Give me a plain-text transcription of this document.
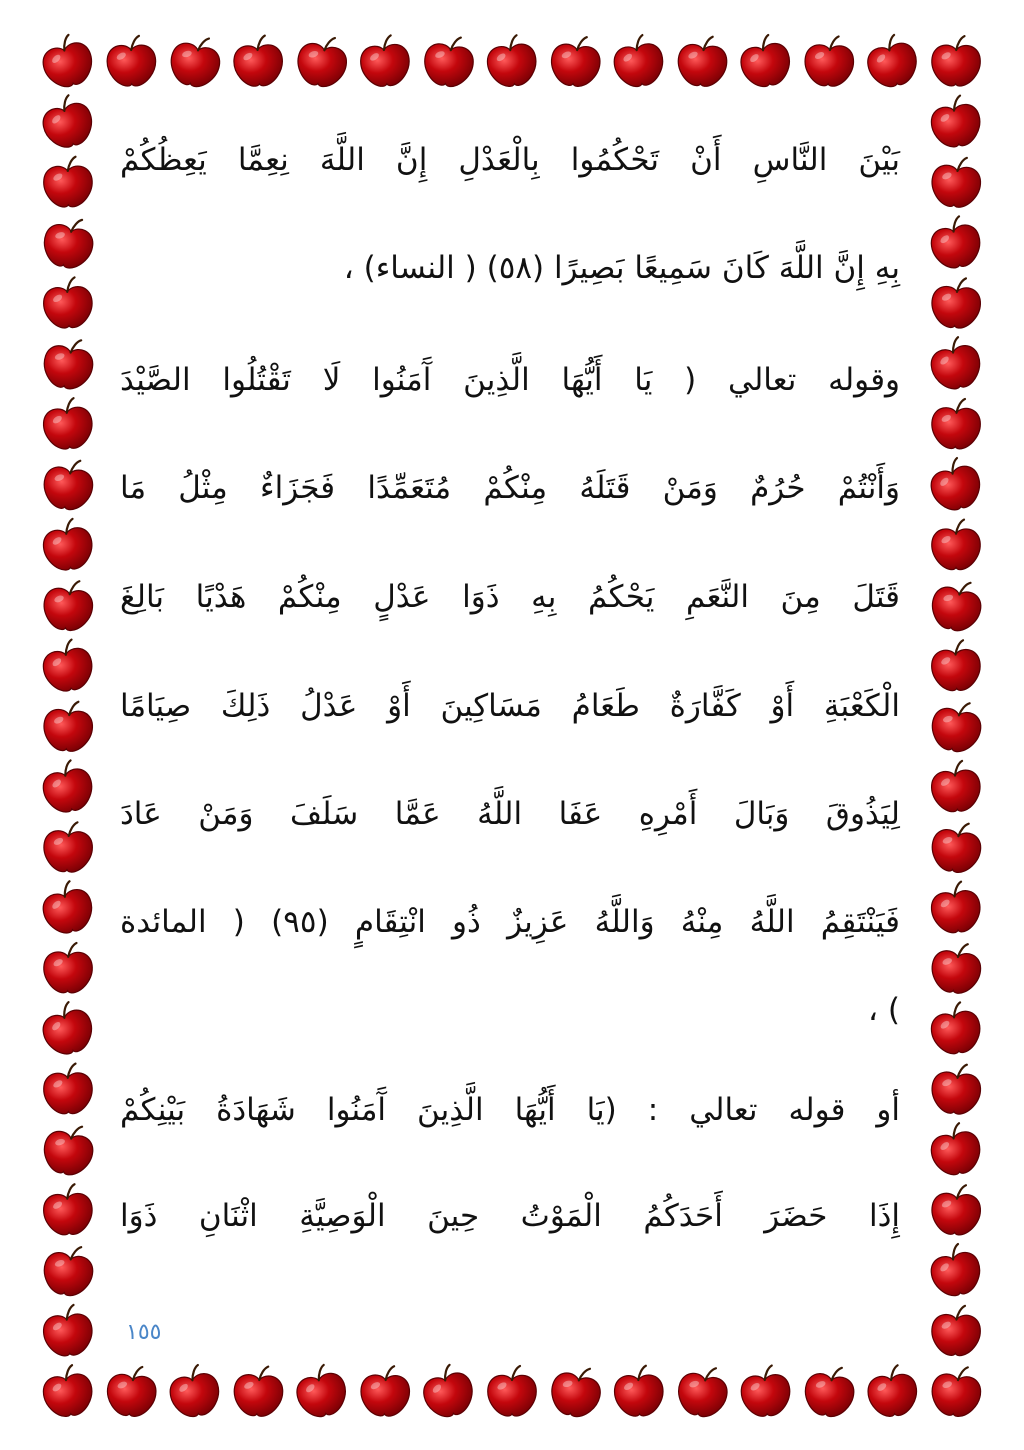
بَيْنَ النَّاسِ أَنْ تَحْكُمُوا بِالْعَدْلِ إِنَّ اللَّهَ نِعِمَّا يَعِظُكُمْ
بِهِ إِنَّ اللَّهَ كَانَ سَمِيعًا بَصِيرًا (٥٨) ( النساء) ،
وقوله تعالي ( يَا أَيُّهَا الَّذِينَ آَمَنُوا لَا تَقْتُلُوا الصَّيْدَ
وَأَنْتُمْ حُرُمٌ وَمَنْ قَتَلَهُ مِنْكُمْ مُتَعَمِّدًا فَجَزَاءٌ مِثْلُ مَا
قَتَلَ مِنَ النَّعَمِ يَحْكُمُ بِهِ ذَوَا عَدْلٍ مِنْكُمْ هَدْيًا بَالِغَ
الْكَعْبَةِ أَوْ كَفَّارَةٌ طَعَامُ مَسَاكِينَ أَوْ عَدْلُ ذَلِكَ صِيَامًا
لِيَذُوقَ وَبَالَ أَمْرِهِ عَفَا اللَّهُ عَمَّا سَلَفَ وَمَنْ عَادَ
فَيَنْتَقِمُ اللَّهُ مِنْهُ وَاللَّهُ عَزِيزٌ ذُو انْتِقَامٍ (٩٥) ( المائدة
) ،
أو قوله تعالي : (يَا أَيُّهَا الَّذِينَ آَمَنُوا شَهَادَةُ بَيْنِكُمْ
إِذَا حَضَرَ أَحَدَكُمُ الْمَوْتُ حِينَ الْوَصِيَّةِ اثْنَانِ ذَوَا
١٥٥
